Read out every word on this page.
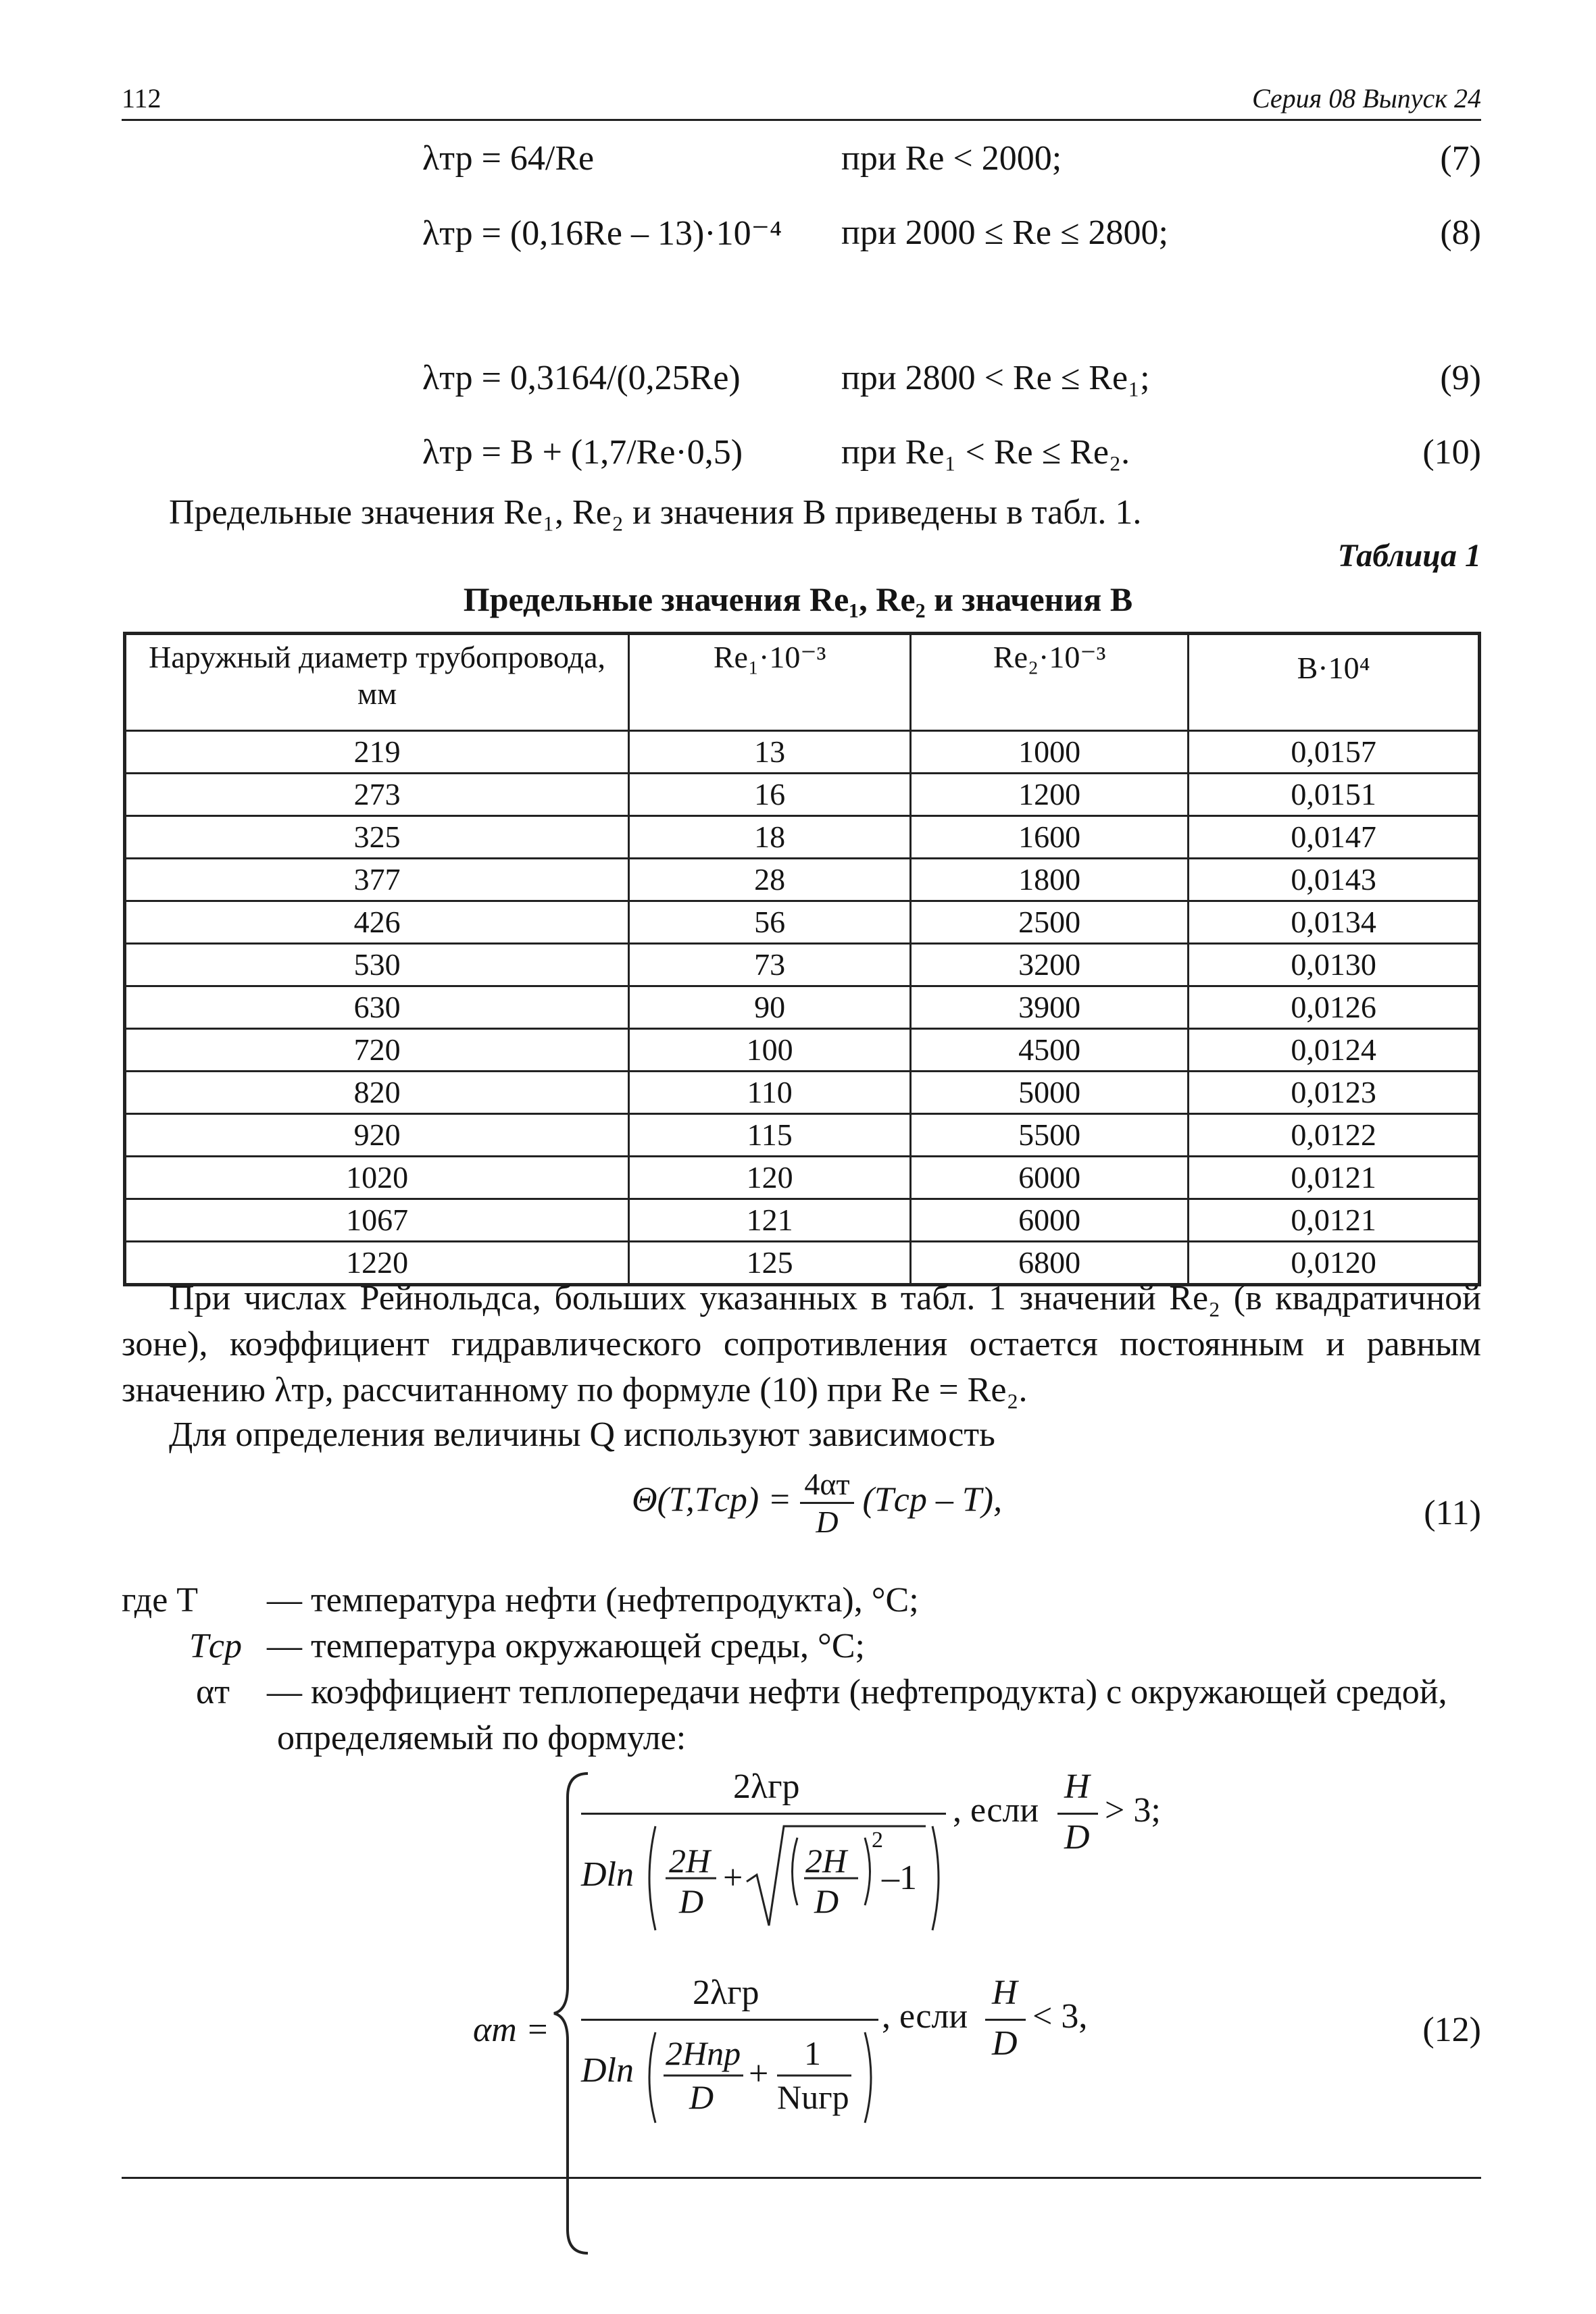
112	Серия 08 Выпуск 24
λтр = 64/Re	при Re < 2000;	(7)
λтр = (0,16Re – 13)·10⁻⁴ при 2000 ≤ Re ≤ 2800;	(8)
λтр = 0,3164/(0,25Re)	при 2800 < Re ≤ Re₁;	(9)
λтр = B + (1,7/Re·0,5)	при Re₁ < Re ≤ Re₂.	(10)
Предельные значения Re₁, Re₂ и значения B приведены в табл. 1.
Таблица 1
Предельные значения Re₁, Re₂ и значения B
Наружный диаметр трубопровода, мм	Re₁·10⁻³	Re₂·10⁻³	B·10⁴
219	13	1000	0,0157
273	16	1200	0,0151
325	18	1600	0,0147
377	28	1800	0,0143
426	56	2500	0,0134
530	73	3200	0,0130
630	90	3900	0,0126
720	100	4500	0,0124
820	110	5000	0,0123
920	115	5500	0,0122
1020	120	6000	0,0121
1067	121	6000	0,0121
1220	125	6800	0,0120
При числах Рейнольдса, больших указанных в табл. 1 значений Re₂ (в квадратичной зоне), коэффициент гидравлического сопротивления остается постоянным и равным значению λтр, рассчитанному по формуле (10) при Re = Re₂.
Для определения величины Q используют зависимость
$\Theta(T,Tср) = \frac{4\alpha т}{D} (Tср - T)$,	(11)
где T — температура нефти (нефтепродукта), °С;
Tср — температура окружающей среды, °С;
αт — коэффициент теплопередачи нефти (нефтепродукта) с окружающей средой,
определяемый по формуле:
αm =
2λгр
, если
H
D
> 3;
Dln 2H
D
+ 2H
D
2
–1
2λгр
, если
H
D
< 3,
Dln 2Hпр
D
+
1
Nuгр
(12)
